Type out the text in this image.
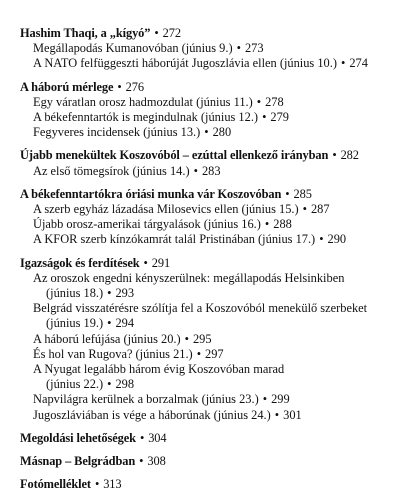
Hashim Thaqi, a „kígyó” • 272
Megállapodás Kumanovóban (június 9.) • 273
A NATO felfüggeszti háborúját Jugoszlávia ellen (június 10.) • 274
A háború mérlege • 276
Egy váratlan orosz hadmozdulat (június 11.) • 278
A békefenntartók is megindulnak (június 12.) • 279
Fegyveres incidensek (június 13.) • 280
Újabb menekültek Koszovóból – ezúttal ellenkező irányban • 282
Az első tömegsírok (június 14.) • 283
A békefenntartókra óriási munka vár Koszovóban • 285
A szerb egyház lázadása Milosevics ellen (június 15.) • 287
Újabb orosz-amerikai tárgyalások (június 16.) • 288
A KFOR szerb kínzókamrát talál Pristinában (június 17.) • 290
Igazságok és ferdítések • 291
Az oroszok engedni kényszerülnek: megállapodás Helsinkiben
(június 18.) • 293
Belgrád visszatérésre szólítja fel a Koszovóból menekülő szerbeket
(június 19.) • 294
A háború lefújása (június 20.) • 295
És hol van Rugova? (június 21.) • 297
A Nyugat legalább három évig Koszovóban marad
(június 22.) • 298
Napvilágra kerülnek a borzalmak (június 23.) • 299
Jugoszláviában is vége a háborúnak (június 24.) • 301
Megoldási lehetőségek • 304
Másnap – Belgrádban • 308
Fotómelléklet • 313
